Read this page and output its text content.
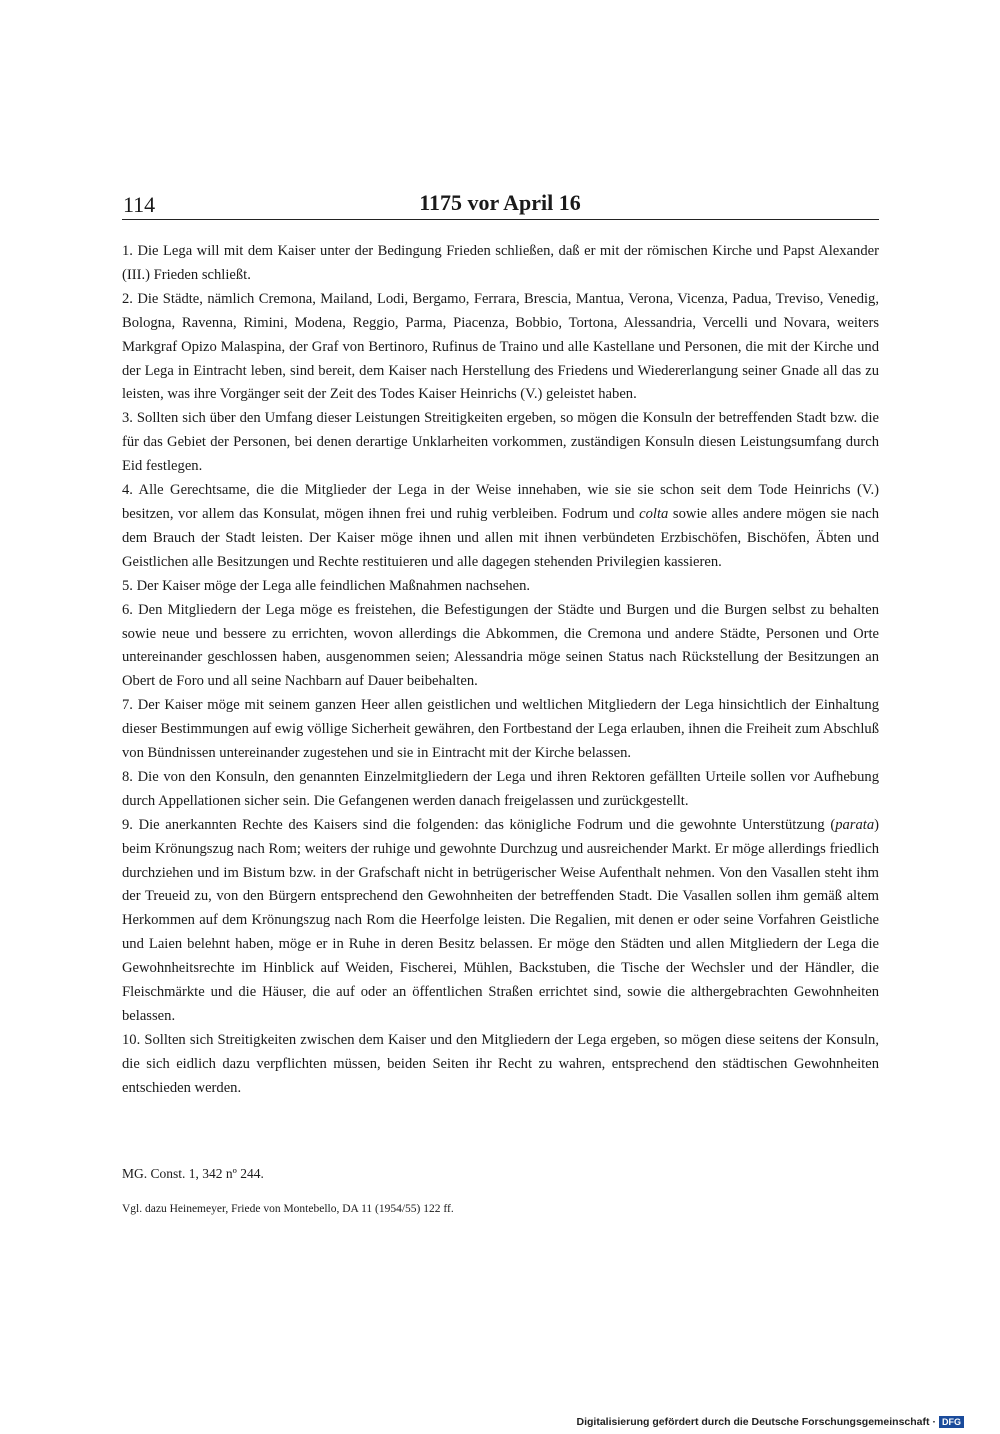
114	1175 vor April 16

1. Die Lega will mit dem Kaiser unter der Bedingung Frieden schließen, daß er mit der römischen Kirche und Papst Alexander (III.) Frieden schließt.

2. Die Städte, nämlich Cremona, Mailand, Lodi, Bergamo, Ferrara, Brescia, Mantua, Verona, Vicenza, Padua, Treviso, Venedig, Bologna, Ravenna, Rimini, Modena, Reggio, Parma, Piacenza, Bobbio, Tortona, Alessandria, Vercelli und Novara, weiters Markgraf Opizo Malaspina, der Graf von Bertinoro, Rufinus de Traino und alle Kastellane und Personen, die mit der Kirche und der Lega in Eintracht leben, sind bereit, dem Kaiser nach Herstellung des Friedens und Wiedererlangung seiner Gnade all das zu leisten, was ihre Vorgänger seit der Zeit des Todes Kaiser Heinrichs (V.) geleistet haben.

3. Sollten sich über den Umfang dieser Leistungen Streitigkeiten ergeben, so mögen die Konsuln der betreffenden Stadt bzw. die für das Gebiet der Personen, bei denen derartige Unklarheiten vorkommen, zuständigen Konsuln diesen Leistungsumfang durch Eid festlegen.

4. Alle Gerechtsame, die die Mitglieder der Lega in der Weise innehaben, wie sie sie schon seit dem Tode Heinrichs (V.) besitzen, vor allem das Konsulat, mögen ihnen frei und ruhig verbleiben. Fodrum und colta sowie alles andere mögen sie nach dem Brauch der Stadt leisten. Der Kaiser möge ihnen und allen mit ihnen verbündeten Erzbischöfen, Bischöfen, Äbten und Geistlichen alle Besitzungen und Rechte restituieren und alle dagegen stehenden Privilegien kassieren.

5. Der Kaiser möge der Lega alle feindlichen Maßnahmen nachsehen.

6. Den Mitgliedern der Lega möge es freistehen, die Befestigungen der Städte und Burgen und die Burgen selbst zu behalten sowie neue und bessere zu errichten, wovon allerdings die Abkommen, die Cremona und andere Städte, Personen und Orte untereinander geschlossen haben, ausgenommen seien; Alessandria möge seinen Status nach Rückstellung der Besitzungen an Obert de Foro und all seine Nachbarn auf Dauer beibehalten.

7. Der Kaiser möge mit seinem ganzen Heer allen geistlichen und weltlichen Mitgliedern der Lega hinsichtlich der Einhaltung dieser Bestimmungen auf ewig völlige Sicherheit gewähren, den Fortbestand der Lega erlauben, ihnen die Freiheit zum Abschluß von Bündnissen untereinander zugestehen und sie in Eintracht mit der Kirche belassen.

8. Die von den Konsuln, den genannten Einzelmitgliedern der Lega und ihren Rektoren gefällten Urteile sollen vor Aufhebung durch Appellationen sicher sein. Die Gefangenen werden danach freigelassen und zurückgestellt.

9. Die anerkannten Rechte des Kaisers sind die folgenden: das königliche Fodrum und die gewohnte Unterstützung (parata) beim Krönungszug nach Rom; weiters der ruhige und gewohnte Durchzug und ausreichender Markt. Er möge allerdings friedlich durchziehen und im Bistum bzw. in der Grafschaft nicht in betrügerischer Weise Aufenthalt nehmen. Von den Vasallen steht ihm der Treueid zu, von den Bürgern entsprechend den Gewohnheiten der betreffenden Stadt. Die Vasallen sollen ihm gemäß altem Herkommen auf dem Krönungszug nach Rom die Heerfolge leisten. Die Regalien, mit denen er oder seine Vorfahren Geistliche und Laien belehnt haben, möge er in Ruhe in deren Besitz belassen. Er möge den Städten und allen Mitgliedern der Lega die Gewohnheitsrechte im Hinblick auf Weiden, Fischerei, Mühlen, Backstuben, die Tische der Wechsler und der Händler, die Fleischmärkte und die Häuser, die auf oder an öffentlichen Straßen errichtet sind, sowie die althergebrachten Gewohnheiten belassen.

10. Sollten sich Streitigkeiten zwischen dem Kaiser und den Mitgliedern der Lega ergeben, so mögen diese seitens der Konsuln, die sich eidlich dazu verpflichten müssen, beiden Seiten ihr Recht zu wahren, entsprechend den städtischen Gewohnheiten entschieden werden.

MG. Const. 1, 342 nº 244.
Vgl. dazu Heinemeyer, Friede von Montebello, DA 11 (1954/55) 122 ff.
Digitalisierung gefördert durch die Deutsche Forschungsgemeinschaft · DFG
